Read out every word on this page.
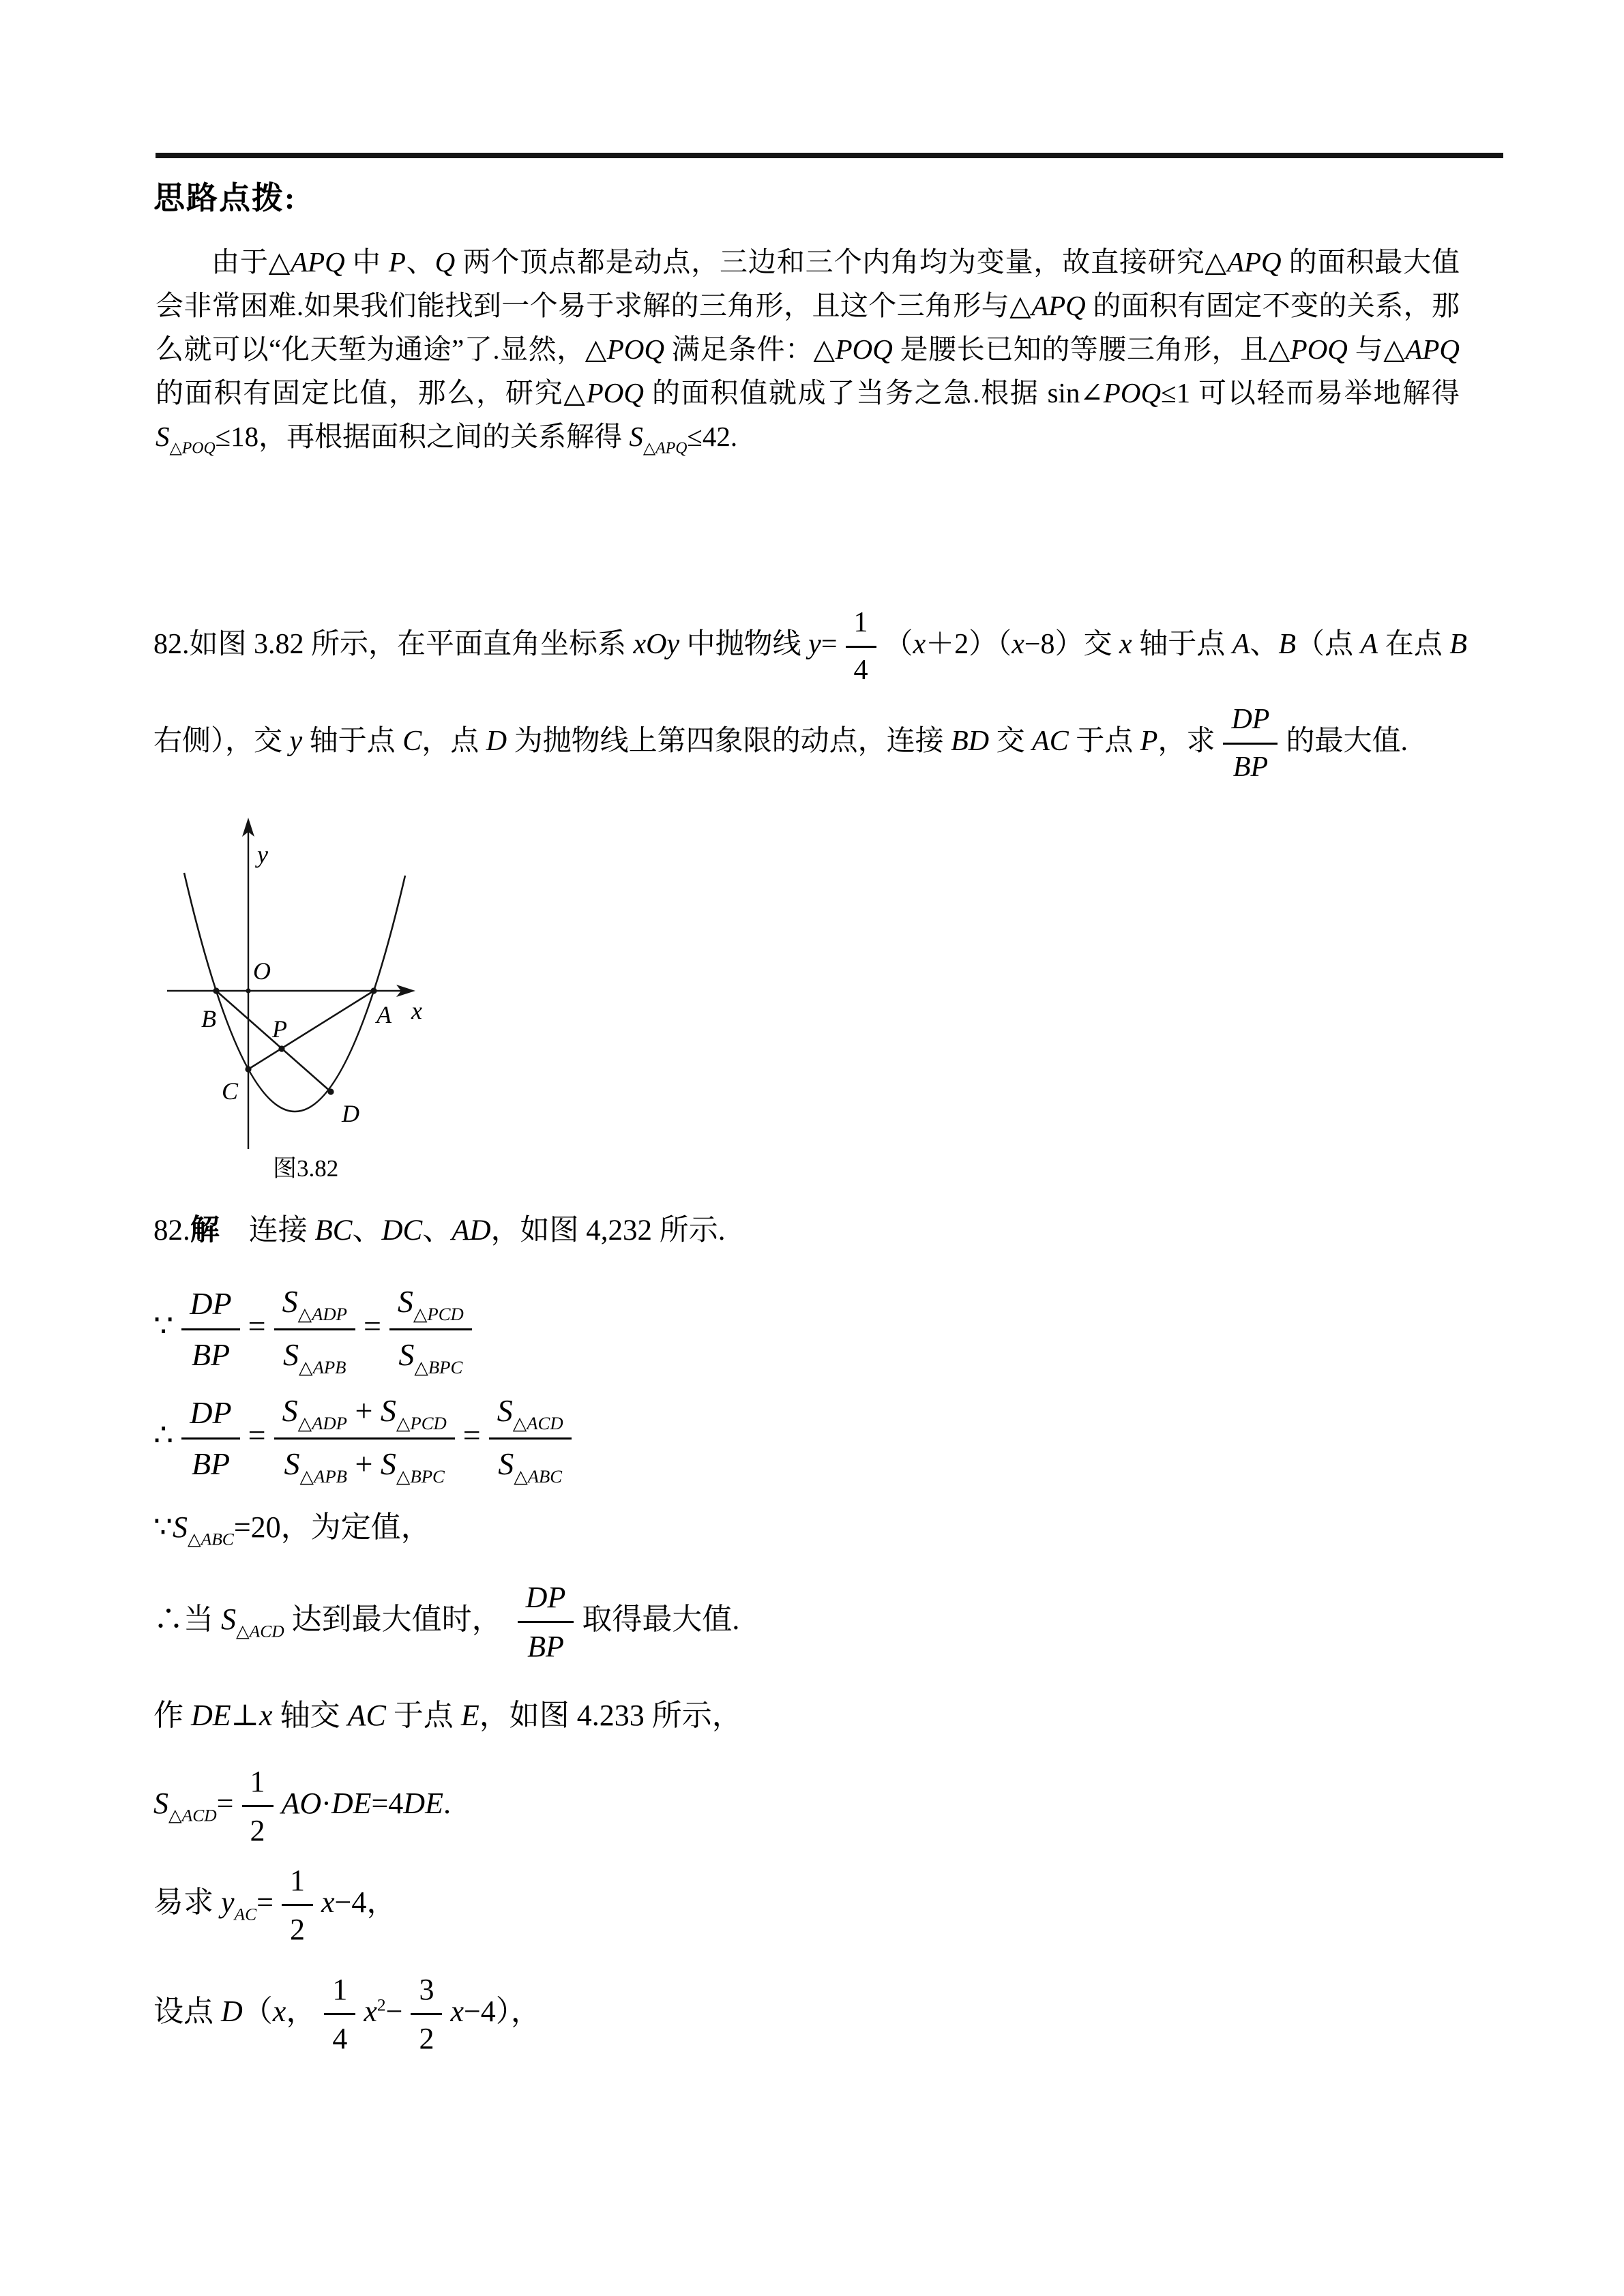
思路点拨:

由于△APQ 中 P、Q 两个顶点都是动点，三边和三个内角均为变量，故直接研究△APQ 的面积最大值会非常困难.如果我们能找到一个易于求解的三角形，且这个三角形与△APQ 的面积有固定不变的关系，那么就可以“化天堑为通途”了.显然，△POQ 满足条件：△POQ 是腰长已知的等腰三角形，且△POQ 与△APQ 的面积有固定比值，那么，研究△POQ 的面积值就成了当务之急.根据 sin∠POQ≤1 可以轻而易举地解得 $S_{\triangle POQ}\le 18$，再根据面积之间的关系解得 $S_{\triangle APQ}\le 42$.

82.如图 3.82 所示，在平面直角坐标系 xOy 中抛物线 $y= \frac{1}{4} (x+2)(x-8)$交 x 轴于点 A、B（点 A 在点 B
右侧），交 y 轴于点 C，点 D 为抛物线上第四象限的动点，连接 BD 交 AC 于点 P，求 $\frac{DP}{BP}$ 的最大值.
y
x
O
B	A
P
C
D
图3.82
82.解　连接 BC、DC、AD，如图 4,232 所示.
∵ $\frac{DP}{BP} = \frac{S_{\triangle ADP}}{S_{\triangle APB}} = \frac{S_{\triangle PCD}}{S_{\triangle BPC}}$
∴ $\frac{DP}{BP} = \frac{S_{\triangle ADP} + S_{\triangle PCD}}{S_{\triangle APB} + S_{\triangle BPC}} = \frac{S_{\triangle ACD}}{S_{\triangle ABC}}$
$\because S_{\triangle ABC}=20$，为定值，
∴当 $S_{\triangle ACD}$ 达到最大值时， $\frac{DP}{BP}$ 取得最大值.
作 DE⊥x 轴交 AC 于点 E，如图 4.233 所示，
$S_{\triangle ACD}= \frac{1}{2} AO\cdot DE=4DE$.
易求 $y_{AC}= \frac{1}{2} x-4$，
设点 D（x， $\frac{1}{4} x^2- \frac{3}{2} x-4$），
